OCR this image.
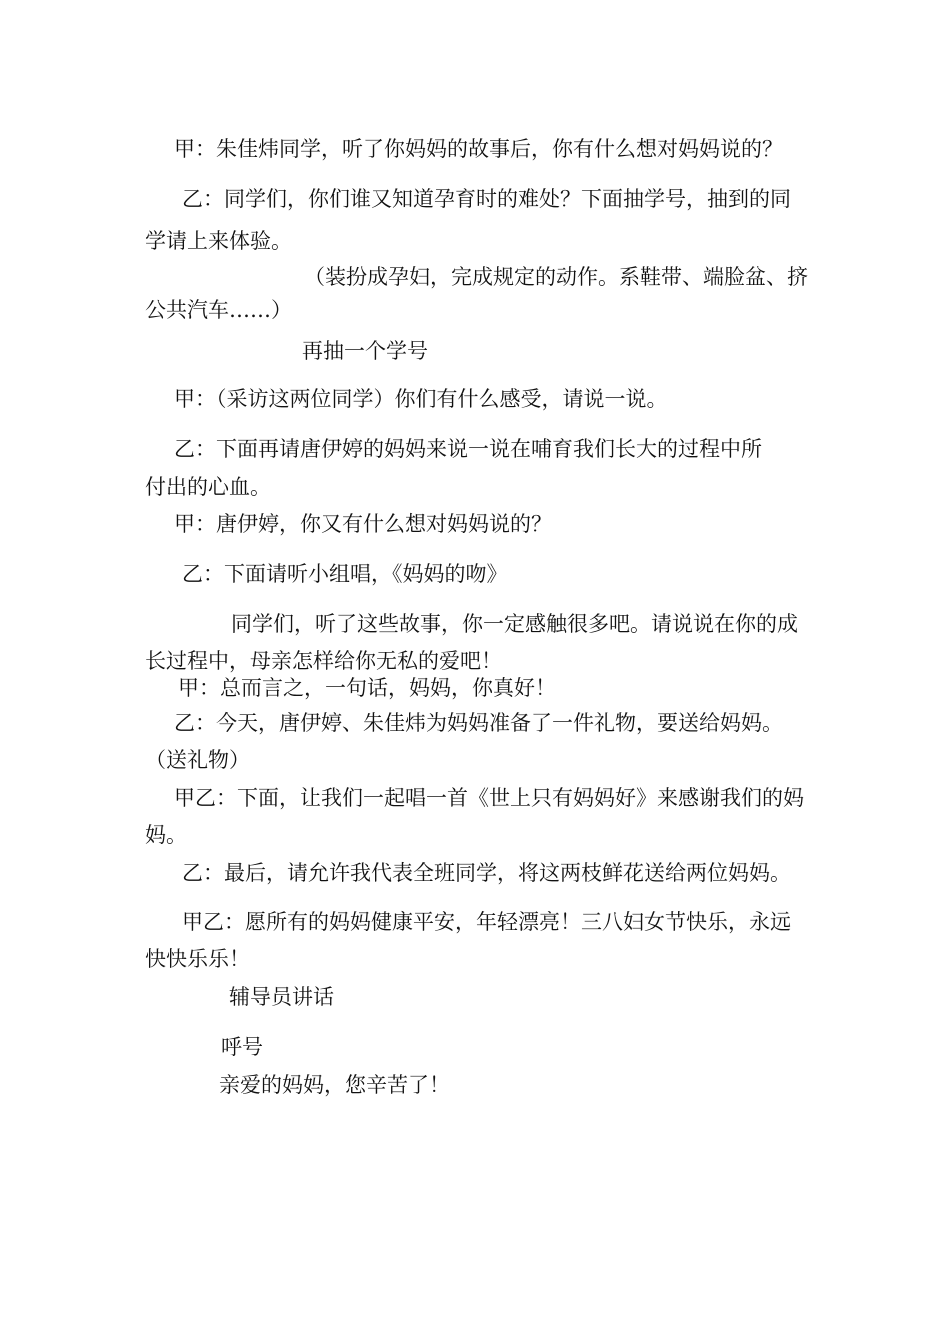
甲：朱佳炜同学，听了你妈妈的故事后，你有什么想对妈妈说的？

乙：同学们，你们谁又知道孕育时的难处？下面抽学号，抽到的同

学请上来体验。

（装扮成孕妇，完成规定的动作。系鞋带、端脸盆、挤

公共汽车……）

再抽一个学号

甲：（采访这两位同学）你们有什么感受，请说一说。

乙：下面再请唐伊婷的妈妈来说一说在哺育我们长大的过程中所

付出的心血。

甲：唐伊婷，你又有什么想对妈妈说的？

乙：下面请听小组唱，《妈妈的吻》

同学们，听了这些故事，你一定感触很多吧。请说说在你的成

长过程中，母亲怎样给你无私的爱吧！

甲：总而言之，一句话，妈妈，你真好！

乙：今天，唐伊婷、朱佳炜为妈妈准备了一件礼物，要送给妈妈。

（送礼物）

甲乙：下面，让我们一起唱一首《世上只有妈妈好》来感谢我们的妈

妈。

乙：最后，请允许我代表全班同学，将这两枝鲜花送给两位妈妈。

甲乙：愿所有的妈妈健康平安，年轻漂亮！三八妇女节快乐，永远

快快乐乐！

辅导员讲话

呼号

亲爱的妈妈，您辛苦了！
